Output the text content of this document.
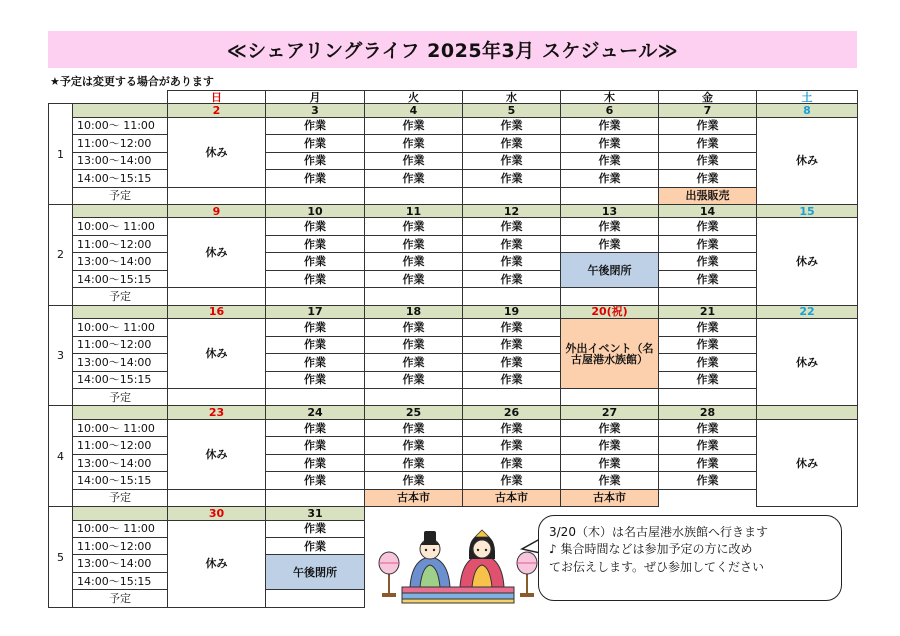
≪シェアリングライフ 2025年3月 スケジュール≫
★予定は変更する場合があります
		日	月	火	水	木	金	土
1		2	3	4	5	6	7	8
	10:00～ 11:00	休み	作業	作業	作業	作業	作業	休み
	11:00～12:00		作業	作業	作業	作業	作業	
	13:00～14:00		作業	作業	作業	作業	作業	
	14:00～15:15		作業	作業	作業	作業	作業	
	予定						出張販売	
2		9	10	11	12	13	14	15
	10:00～ 11:00	休み	作業	作業	作業	作業	作業	休み
	11:00～12:00		作業	作業	作業	作業	作業	
	13:00～14:00		作業	作業	作業	午後閉所	作業	
	14:00～15:15		作業	作業	作業		作業	
	予定							
3		16	17	18	19	20(祝)	21	22
	10:00～ 11:00	休み	作業	作業	作業	外出イベント（名古屋港水族館）	作業	休み
	11:00～12:00		作業	作業	作業		作業	
	13:00～14:00		作業	作業	作業		作業	
	14:00～15:15		作業	作業	作業		作業	
	予定							
4		23	24	25	26	27	28	
	10:00～ 11:00	休み	作業	作業	作業	作業	作業	休み
	11:00～12:00		作業	作業	作業	作業	作業	
	13:00～14:00		作業	作業	作業	作業	作業	
	14:00～15:15		作業	作業	作業	作業	作業	
	予定			古本市	古本市	古本市		
5		30	31					
	10:00～ 11:00	休み	作業					
	11:00～12:00		作業					
	13:00～14:00		午後閉所					
	14:00～15:15							
	予定							
3/20（木）は名古屋港水族館へ行きます
♪ 集合時間などは参加予定の方に改め
てお伝えします。ぜひ参加してください
